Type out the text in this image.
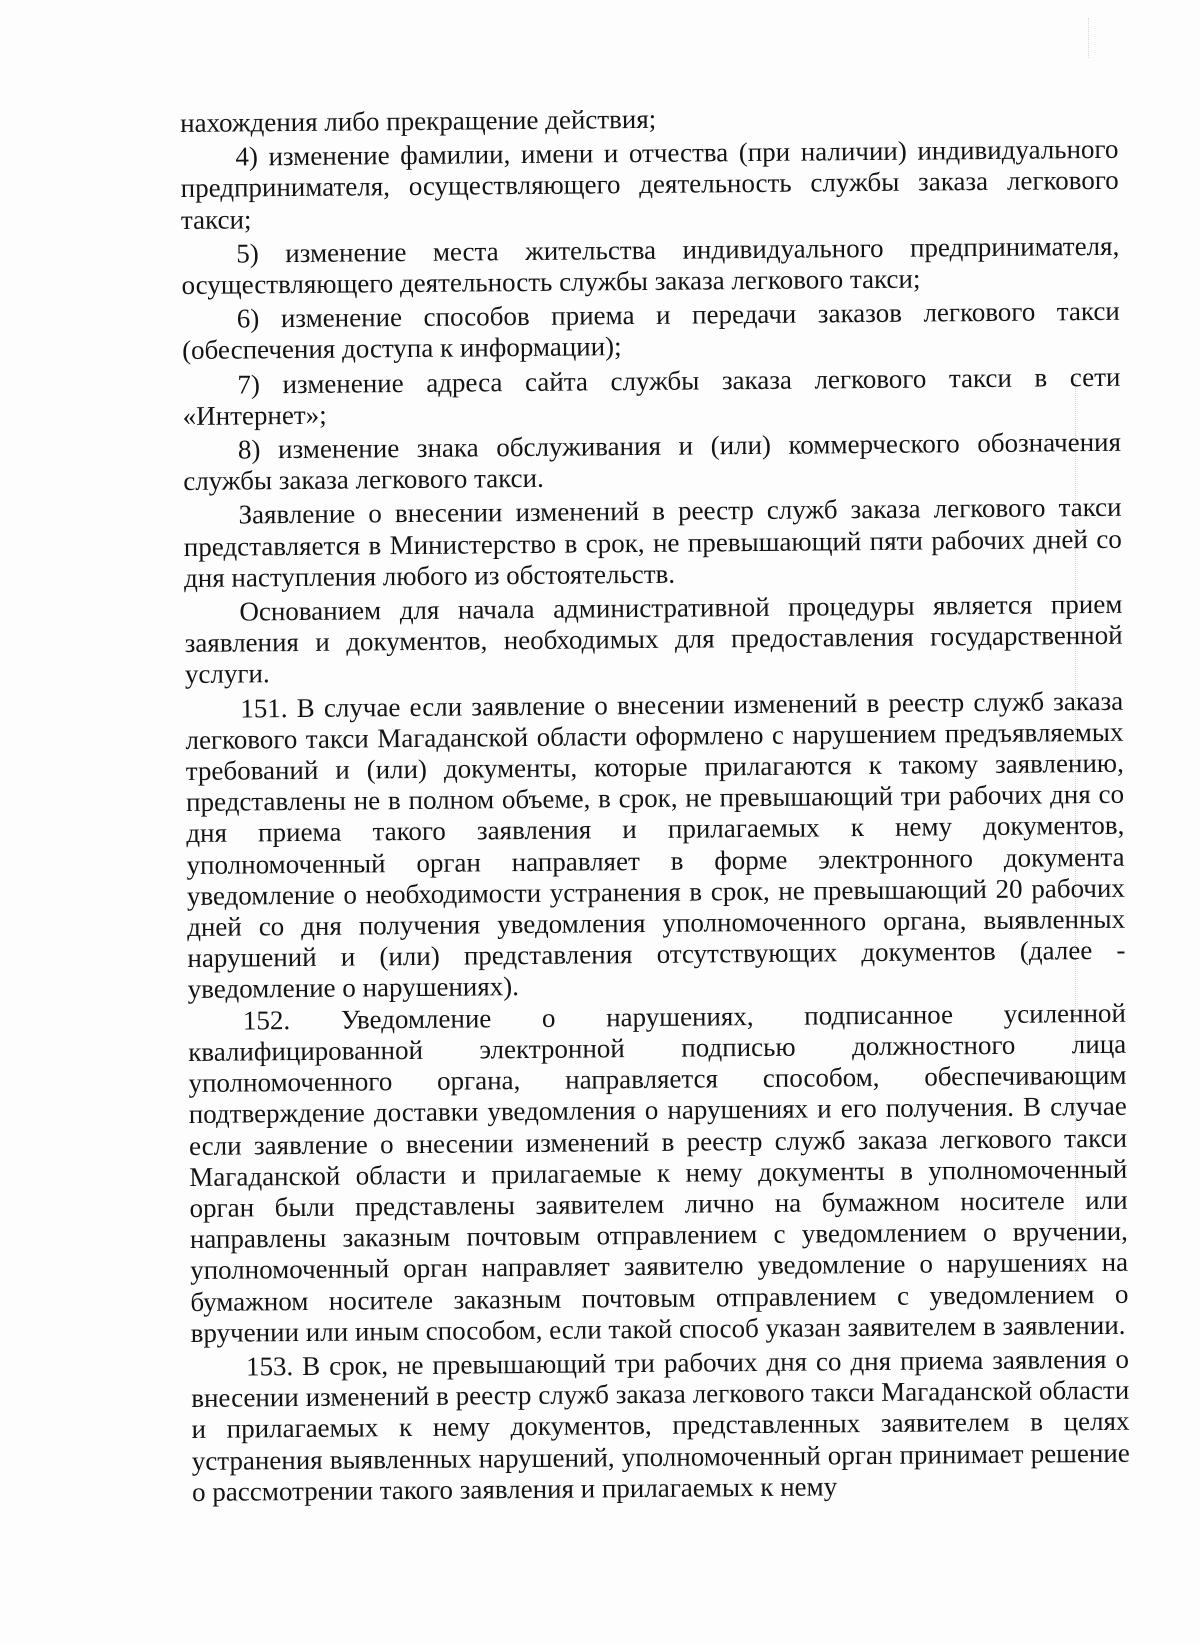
нахождения либо прекращение действия;

4) изменение фамилии, имени и отчества (при наличии) индивидуального предпринимателя, осуществляющего деятельность службы заказа легкового такси;

5) изменение места жительства индивидуального предпринимателя, осуществляющего деятельность службы заказа легкового такси;

6) изменение способов приема и передачи заказов легкового такси (обеспечения доступа к информации);

7) изменение адреса сайта службы заказа легкового такси в сети «Интернет»;

8) изменение знака обслуживания и (или) коммерческого обозначения службы заказа легкового такси.

Заявление о внесении изменений в реестр служб заказа легкового такси представляется в Министерство в срок, не превышающий пяти рабочих дней со дня наступления любого из обстоятельств.

Основанием для начала административной процедуры является прием заявления и документов, необходимых для предоставления государственной услуги.

151. В случае если заявление о внесении изменений в реестр служб заказа легкового такси Магаданской области оформлено с нарушением предъявляемых требований и (или) документы, которые прилагаются к такому заявлению, представлены не в полном объеме, в срок, не превышающий три рабочих дня со дня приема такого заявления и прилагаемых к нему документов, уполномоченный орган направляет в форме электронного документа уведомление о необходимости устранения в срок, не превышающий 20 рабочих дней со дня получения уведомления уполномоченного органа, выявленных нарушений и (или) представления отсутствующих документов (далее - уведомление о нарушениях).

152. Уведомление о нарушениях, подписанное усиленной квалифицированной электронной подписью должностного лица уполномоченного органа, направляется способом, обеспечивающим подтверждение доставки уведомления о нарушениях и его получения. В случае если заявление о внесении изменений в реестр служб заказа легкового такси Магаданской области и прилагаемые к нему документы в уполномоченный орган были представлены заявителем лично на бумажном носителе или направлены заказным почтовым отправлением с уведомлением о вручении, уполномоченный орган направляет заявителю уведомление о нарушениях на бумажном носителе заказным почтовым отправлением с уведомлением о вручении или иным способом, если такой способ указан заявителем в заявлении.

153. В срок, не превышающий три рабочих дня со дня приема заявления о внесении изменений в реестр служб заказа легкового такси Магаданской области и прилагаемых к нему документов, представленных заявителем в целях устранения выявленных нарушений, уполномоченный орган принимает решение о рассмотрении такого заявления и прилагаемых к нему
